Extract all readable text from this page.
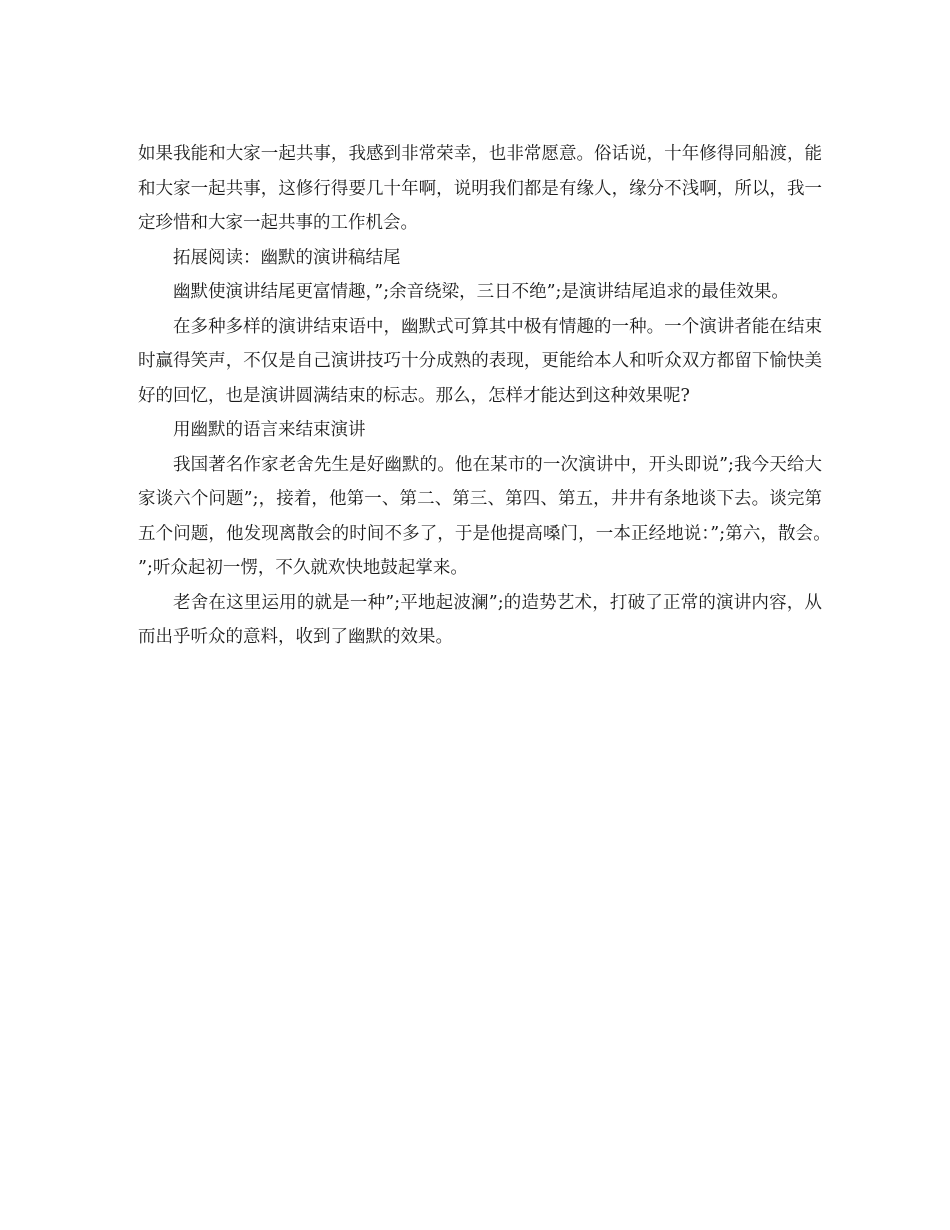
如果我能和大家一起共事，我感到非常荣幸，也非常愿意。俗话说，十年修得同船渡，能和大家一起共事，这修行得要几十年啊，说明我们都是有缘人，缘分不浅啊，所以，我一定珍惜和大家一起共事的工作机会。

拓展阅读：幽默的演讲稿结尾

幽默使演讲结尾更富情趣，”;余音绕梁，三日不绝”;是演讲结尾追求的最佳效果。

在多种多样的演讲结束语中，幽默式可算其中极有情趣的一种。一个演讲者能在结束时赢得笑声，不仅是自己演讲技巧十分成熟的表现，更能给本人和听众双方都留下愉快美好的回忆，也是演讲圆满结束的标志。那么，怎样才能达到这种效果呢?

用幽默的语言来结束演讲

我国著名作家老舍先生是好幽默的。他在某市的一次演讲中，开头即说”;我今天给大家谈六个问题”;，接着，他第一、第二、第三、第四、第五，井井有条地谈下去。谈完第五个问题，他发现离散会的时间不多了，于是他提高嗓门，一本正经地说：”;第六，散会。”;听众起初一愣，不久就欢快地鼓起掌来。

老舍在这里运用的就是一种”;平地起波澜”;的造势艺术，打破了正常的演讲内容，从而出乎听众的意料，收到了幽默的效果。
